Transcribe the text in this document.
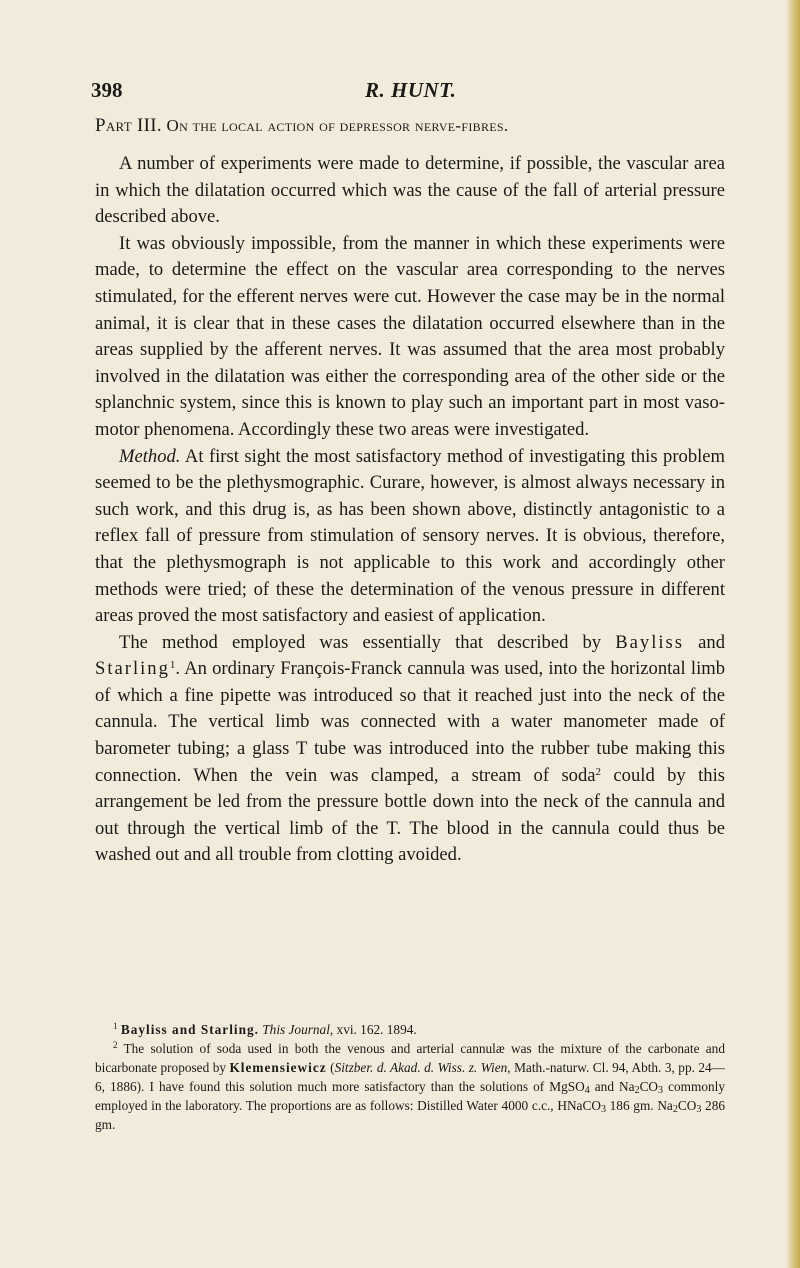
398	R. HUNT.
Part III. On the local action of depressor nerve-fibres.

A number of experiments were made to determine, if possible, the vascular area in which the dilatation occurred which was the cause of the fall of arterial pressure described above.

It was obviously impossible, from the manner in which these experiments were made, to determine the effect on the vascular area corresponding to the nerves stimulated, for the efferent nerves were cut. However the case may be in the normal animal, it is clear that in these cases the dilatation occurred elsewhere than in the areas supplied by the afferent nerves. It was assumed that the area most probably involved in the dilatation was either the corresponding area of the other side or the splanchnic system, since this is known to play such an important part in most vaso-motor phenomena. Accordingly these two areas were investigated.

Method. At first sight the most satisfactory method of investigating this problem seemed to be the plethysmographic. Curare, however, is almost always necessary in such work, and this drug is, as has been shown above, distinctly antagonistic to a reflex fall of pressure from stimulation of sensory nerves. It is obvious, therefore, that the plethysmograph is not applicable to this work and accordingly other methods were tried; of these the determination of the venous pressure in different areas proved the most satisfactory and easiest of application.

The method employed was essentially that described by Bayliss and Starling$^1$. An ordinary François-Franck cannula was used, into the horizontal limb of which a fine pipette was introduced so that it reached just into the neck of the cannula. The vertical limb was connected with a water manometer made of barometer tubing; a glass T tube was introduced into the rubber tube making this connection. When the vein was clamped, a stream of soda$^2$ could by this arrangement be led from the pressure bottle down into the neck of the cannula and out through the vertical limb of the T. The blood in the cannula could thus be washed out and all trouble from clotting avoided.

$^1$ Bayliss and Starling. This Journal, xvi. 162. 1894.

$^2$ The solution of soda used in both the venous and arterial cannulæ was the mixture of the carbonate and bicarbonate proposed by Klemensiewicz (Sitzber. d. Akad. d. Wiss. z. Wien, Math.-naturw. Cl. 94, Abth. 3, pp. 24—6, 1886). I have found this solution much more satisfactory than the solutions of MgSO$_4$ and $Na_2CO_3$ commonly employed in the laboratory. The proportions are as follows: Distilled Water 4000 c.c., HNaCO$_3$ 186 gm. $Na_2CO_3$ 286 gm.
